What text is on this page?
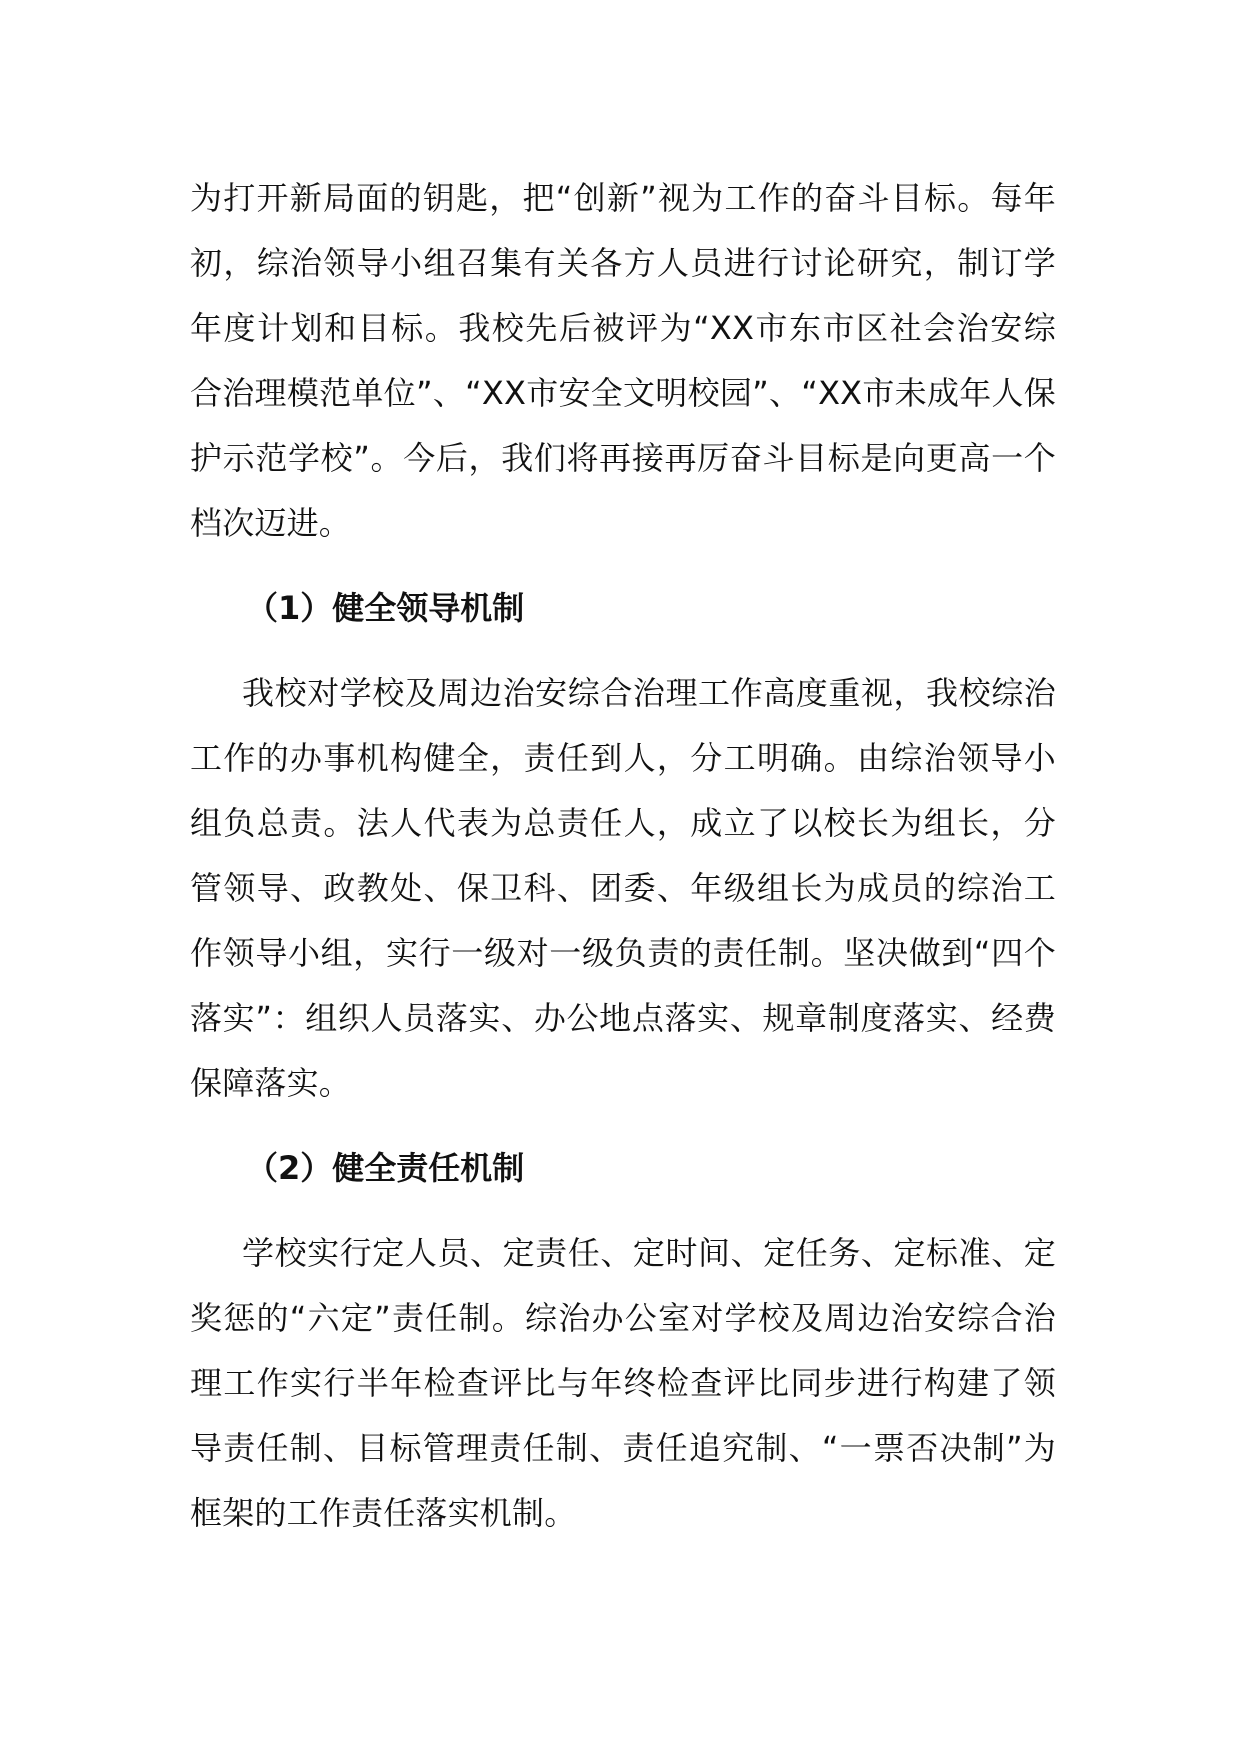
为打开新局面的钥匙，把“创新”视为工作的奋斗目标。每年初，综治领导小组召集有关各方人员进行讨论研究，制订学年度计划和目标。我校先后被评为“XX市东市区社会治安综合治理模范单位”、“XX市安全文明校园”、“XX市未成年人保护示范学校”。今后，我们将再接再厉奋斗目标是向更高一个档次迈进。

（1）健全领导机制

我校对学校及周边治安综合治理工作高度重视，我校综治工作的办事机构健全，责任到人，分工明确。由综治领导小组负总责。法人代表为总责任人，成立了以校长为组长，分管领导、政教处、保卫科、团委、年级组长为成员的综治工作领导小组，实行一级对一级负责的责任制。坚决做到“四个落实”：组织人员落实、办公地点落实、规章制度落实、经费保障落实。

（2）健全责任机制

学校实行定人员、定责任、定时间、定任务、定标准、定奖惩的“六定”责任制。综治办公室对学校及周边治安综合治理工作实行半年检查评比与年终检查评比同步进行构建了领导责任制、目标管理责任制、责任追究制、“一票否决制”为框架的工作责任落实机制。
